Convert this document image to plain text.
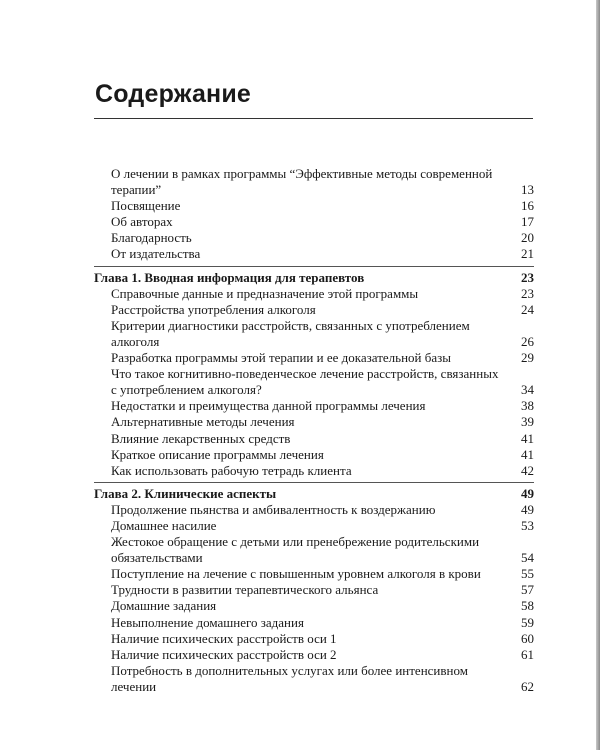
Содержание
О лечении в рамках программы “Эффективные методы современной терапии”	13
Посвящение	16
Об авторах	17
Благодарность	20
От издательства	21
Глава 1. Вводная информация для терапевтов	23
Справочные данные и предназначение этой программы	23
Расстройства употребления алкоголя	24
Критерии диагностики расстройств, связанных с употреблением алкоголя	26
Разработка программы этой терапии и ее доказательной базы	29
Что такое когнитивно-поведенческое лечение расстройств, связанных с употреблением алкоголя?	34
Недостатки и преимущества данной программы лечения	38
Альтернативные методы лечения	39
Влияние лекарственных средств	41
Краткое описание программы лечения	41
Как использовать рабочую тетрадь клиента	42
Глава 2. Клинические аспекты	49
Продолжение пьянства и амбивалентность к воздержанию	49
Домашнее насилие	53
Жестокое обращение с детьми или пренебрежение родительскими обязательствами	54
Поступление на лечение с повышенным уровнем алкоголя в крови	55
Трудности в развитии терапевтического альянса	57
Домашние задания	58
Невыполнение домашнего задания	59
Наличие психических расстройств оси 1	60
Наличие психических расстройств оси 2	61
Потребность в дополнительных услугах или более интенсивном лечении	62
